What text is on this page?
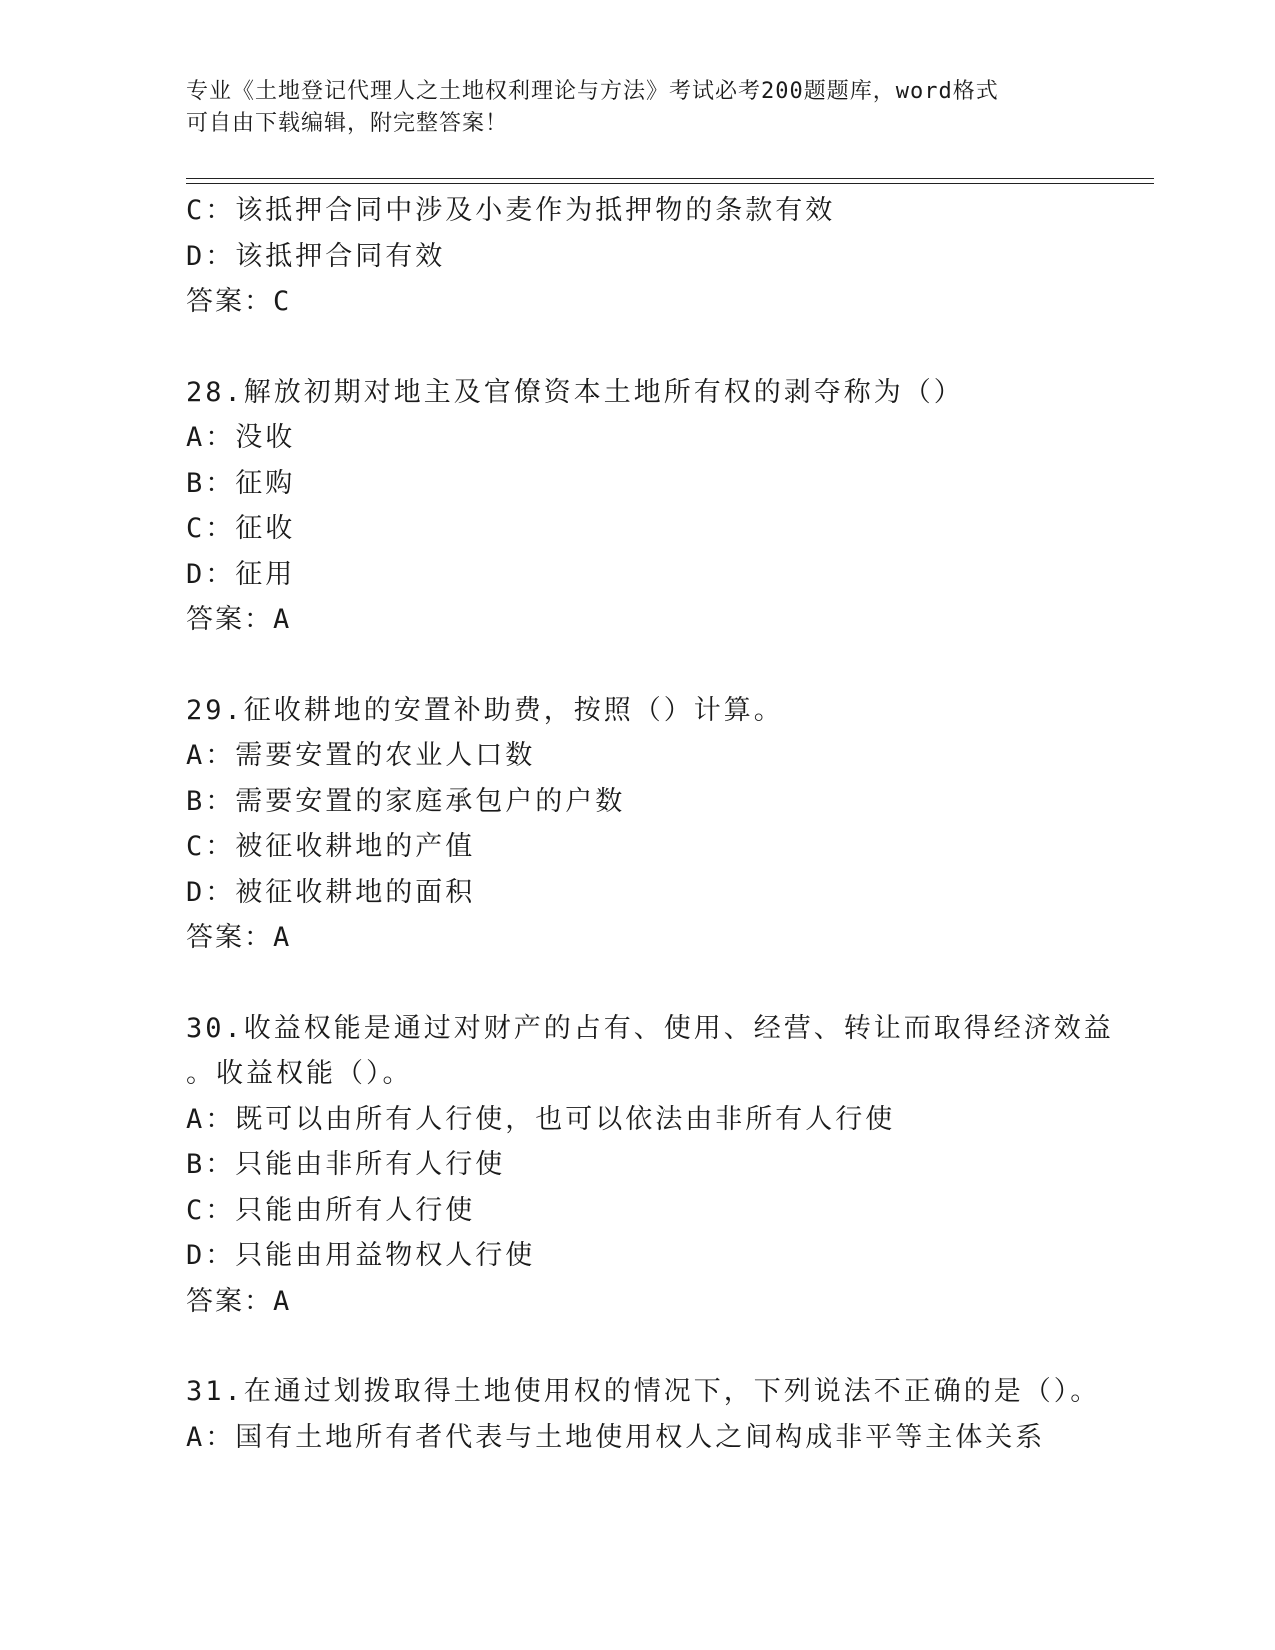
专业《土地登记代理人之土地权利理论与方法》考试必考200题题库，word格式
可自由下载编辑，附完整答案！
C：该抵押合同中涉及小麦作为抵押物的条款有效
D：该抵押合同有效
答案：C
28.解放初期对地主及官僚资本土地所有权的剥夺称为（）
A：没收
B：征购
C：征收
D：征用
答案：A
29.征收耕地的安置补助费，按照（）计算。
A：需要安置的农业人口数
B：需要安置的家庭承包户的户数
C：被征收耕地的产值
D：被征收耕地的面积
答案：A
30.收益权能是通过对财产的占有、使用、经营、转让而取得经济效益
。收益权能（）。
A：既可以由所有人行使，也可以依法由非所有人行使
B：只能由非所有人行使
C：只能由所有人行使
D：只能由用益物权人行使
答案：A
31.在通过划拨取得土地使用权的情况下，下列说法不正确的是（）。
A：国有土地所有者代表与土地使用权人之间构成非平等主体关系
